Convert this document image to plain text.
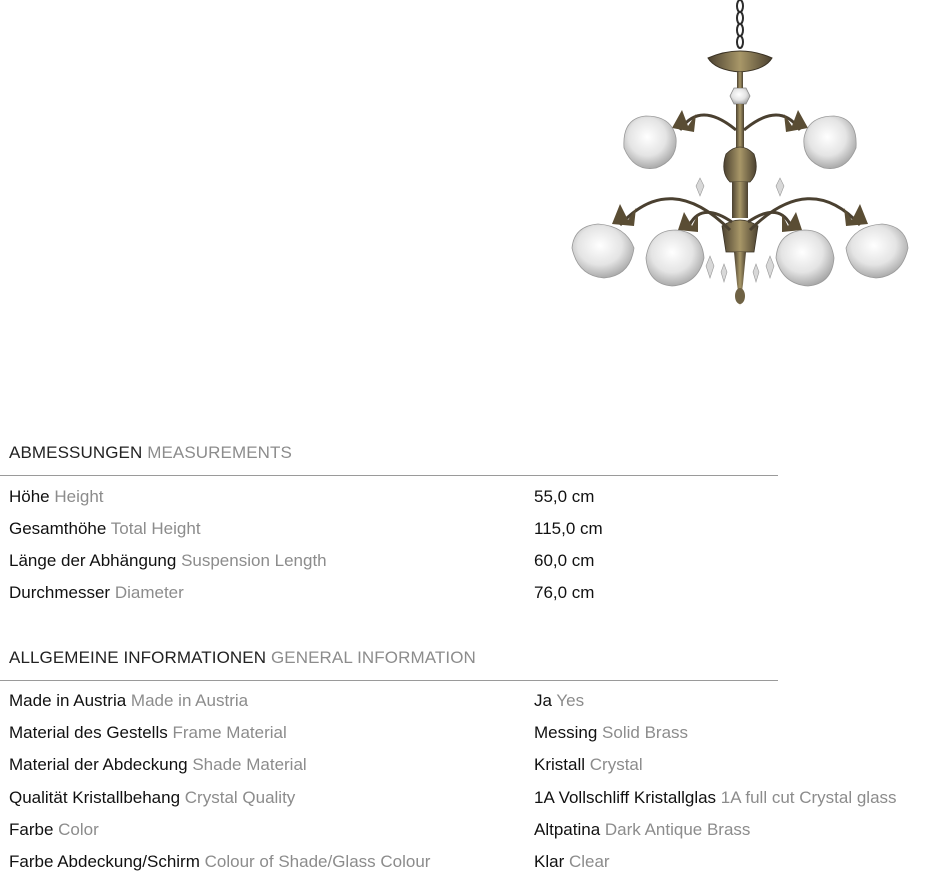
ABMESSUNGEN MEASUREMENTS
Höhe Height	55,0 cm
Gesamthöhe Total Height	115,0 cm
Länge der Abhängung Suspension Length	60,0 cm
Durchmesser Diameter	76,0 cm
ALLGEMEINE INFORMATIONEN GENERAL INFORMATION
Made in Austria Made in Austria	Ja Yes
Material des Gestells Frame Material	Messing Solid Brass
Material der Abdeckung Shade Material	Kristall Crystal
Qualität Kristallbehang Crystal Quality	1A Vollschliff Kristallglas 1A full cut Crystal glass
Farbe Color	Altpatina Dark Antique Brass
Farbe Abdeckung/Schirm Colour of Shade/Glass Colour	Klar Clear
